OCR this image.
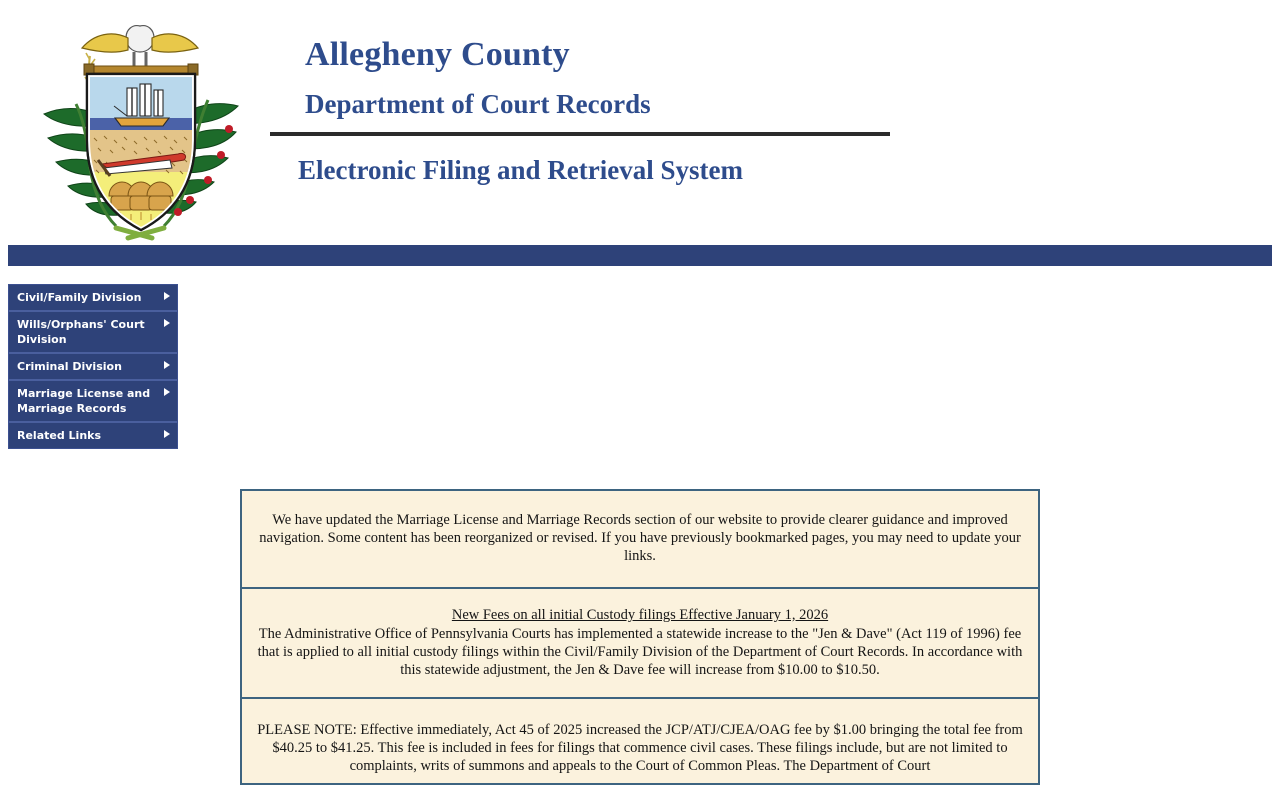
Allegheny County
Department of Court Records
Electronic Filing and Retrieval System
Civil/Family Division
Wills/Orphans' Court Division
Criminal Division
Marriage License and Marriage Records
Related Links

We have updated the Marriage License and Marriage Records section of our website to provide clearer guidance and improved navigation. Some content has been reorganized or revised. If you have previously bookmarked pages, you may need to update your links.

New Fees on all initial Custody filings Effective January 1, 2026
The Administrative Office of Pennsylvania Courts has implemented a statewide increase to the "Jen & Dave" (Act 119 of 1996) fee that is applied to all initial custody filings within the Civil/Family Division of the Department of Court Records. In accordance with this statewide adjustment, the Jen & Dave fee will increase from $10.00 to $10.50.

PLEASE NOTE: Effective immediately, Act 45 of 2025 increased the JCP/ATJ/CJEA/OAG fee by $1.00 bringing the total fee from $40.25 to $41.25. This fee is included in fees for filings that commence civil cases. These filings include, but are not limited to complaints, writs of summons and appeals to the Court of Common Pleas. The Department of Court
